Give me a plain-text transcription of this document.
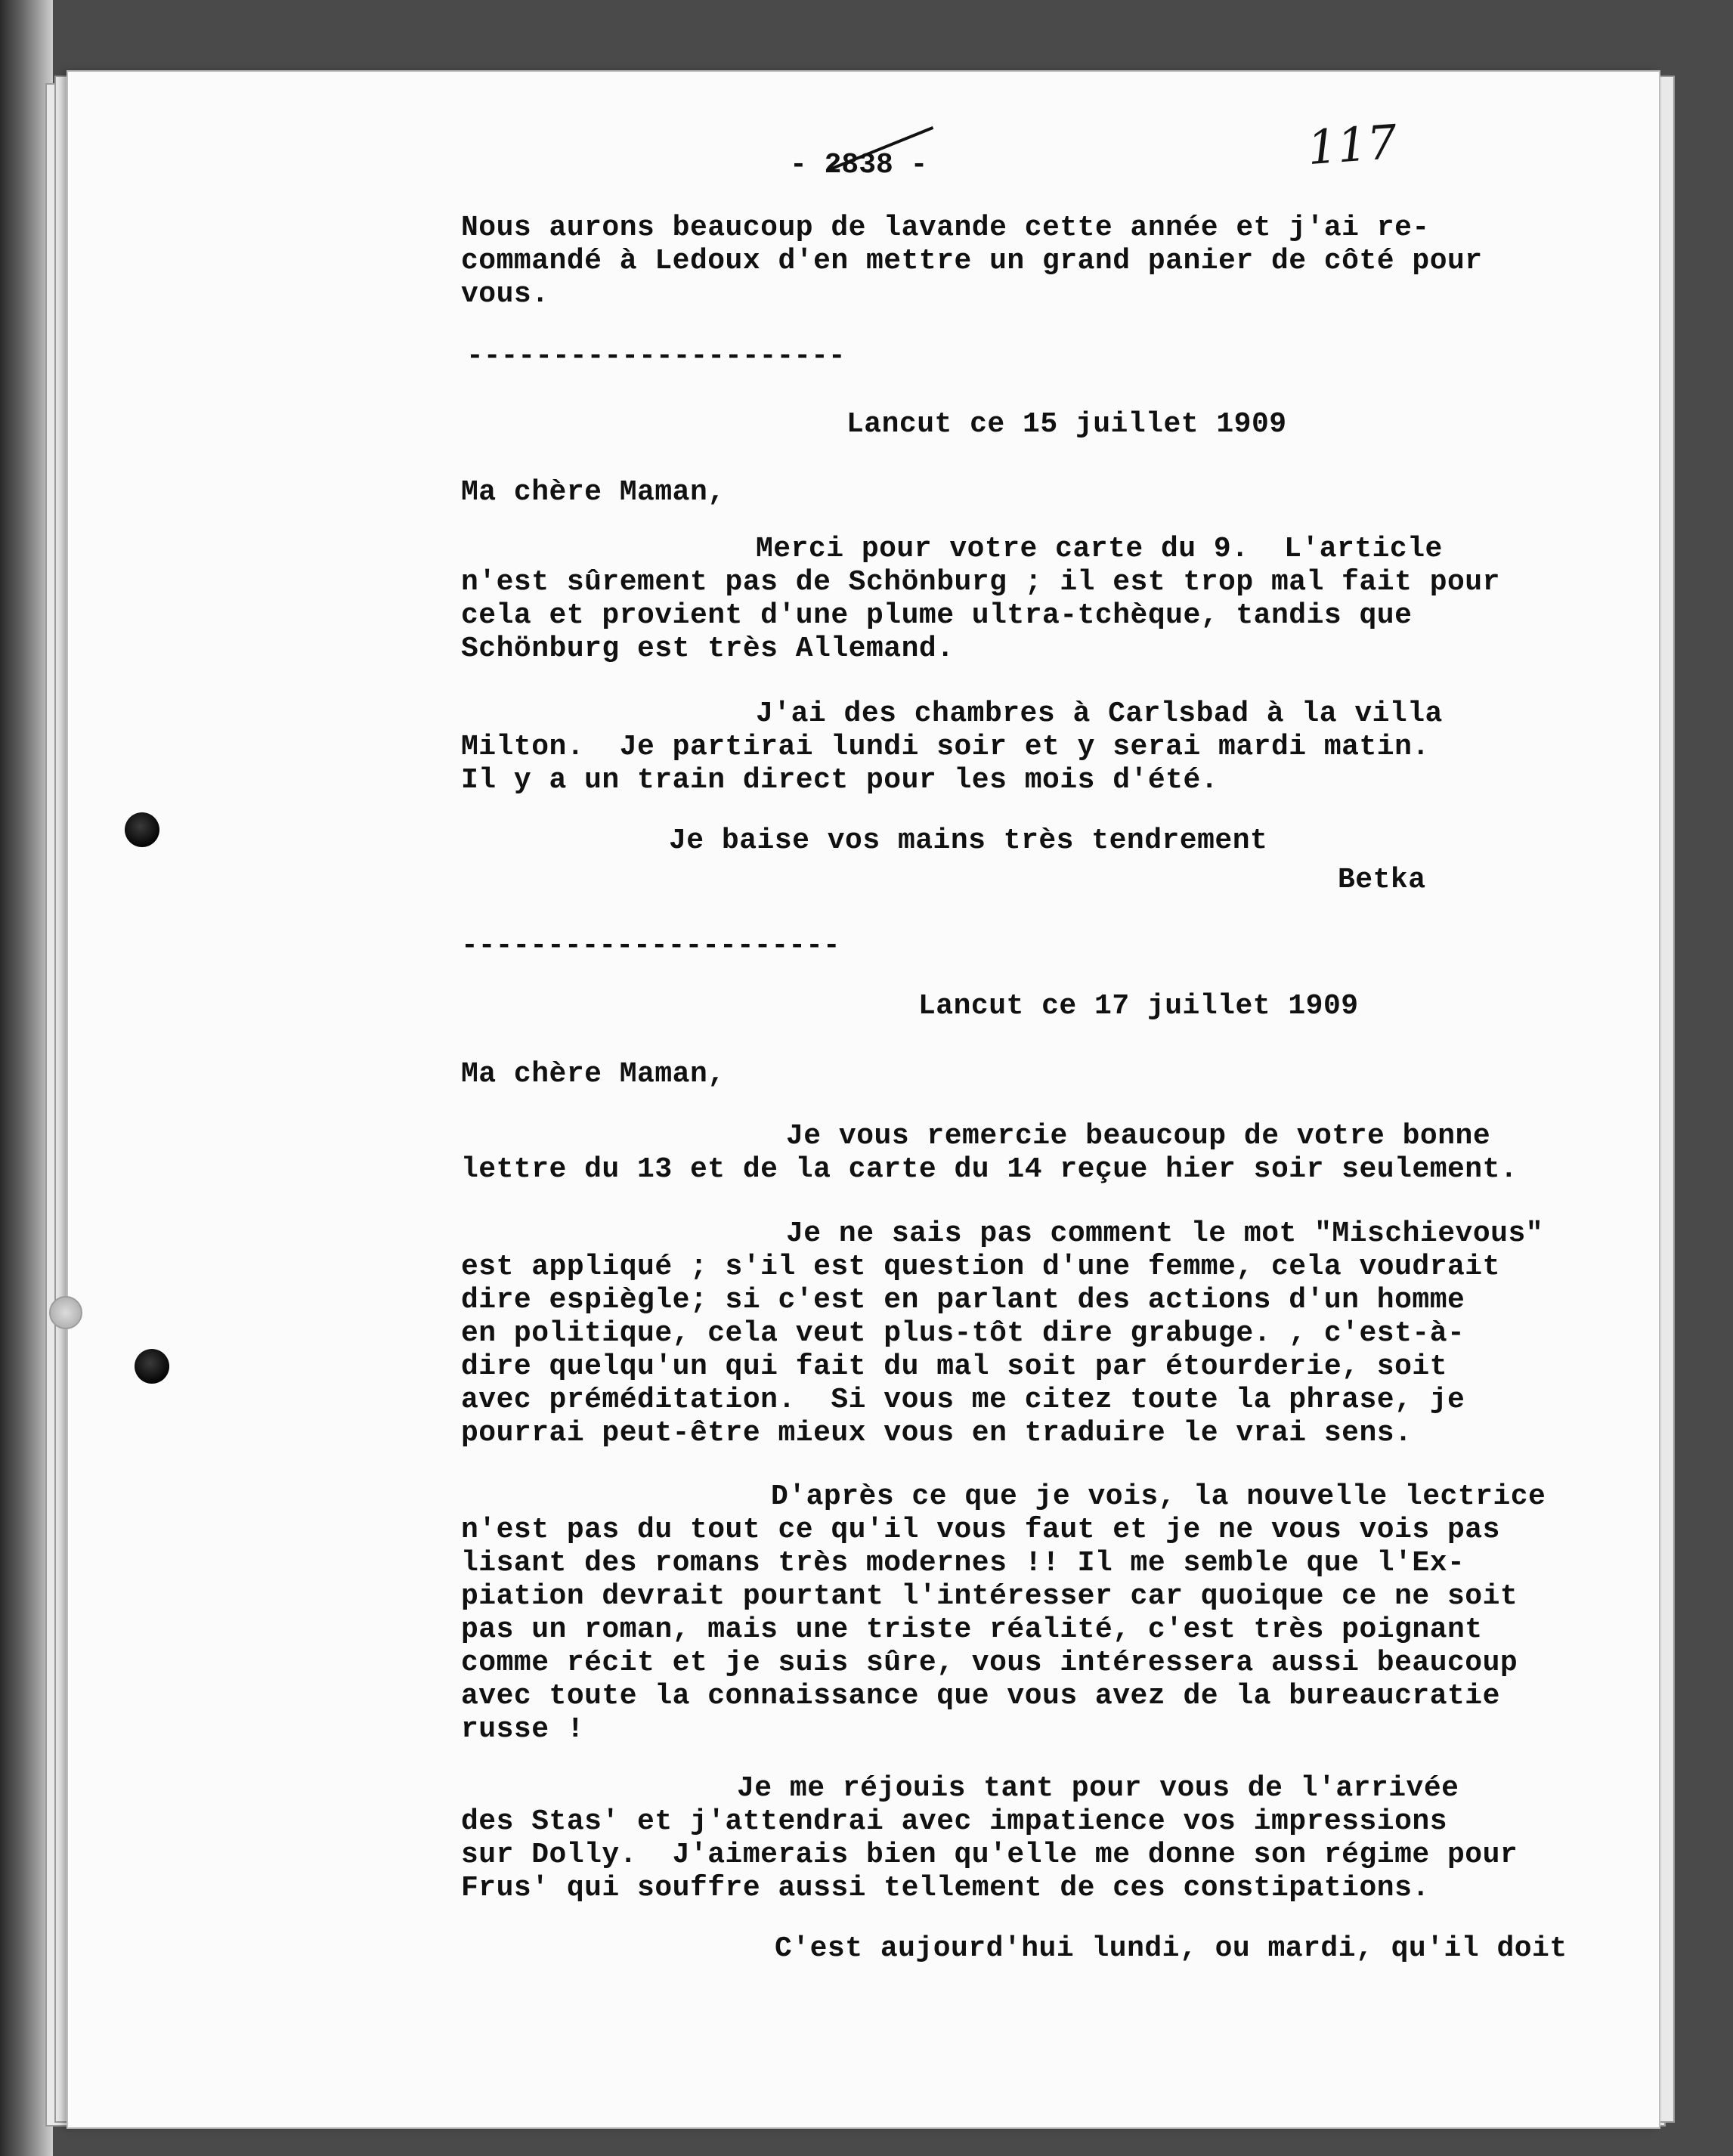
- 2838 -	117
Nous aurons beaucoup de lavande cette année et j'ai re-
commandé à Ledoux d'en mettre un grand panier de côté pour
vous.
----------------------
Lancut ce 15 juillet 1909
Ma chère Maman,
Merci pour votre carte du 9.  L'article
n'est sûrement pas de Schönburg ; il est trop mal fait pour
cela et provient d'une plume ultra-tchèque, tandis que
Schönburg est très Allemand.
J'ai des chambres à Carlsbad à la villa
Milton.  Je partirai lundi soir et y serai mardi matin.
Il y a un train direct pour les mois d'été.
Je baise vos mains très tendrement
Betka
----------------------
Lancut ce 17 juillet 1909
Ma chère Maman,
Je vous remercie beaucoup de votre bonne
lettre du 13 et de la carte du 14 reçue hier soir seulement.
Je ne sais pas comment le mot "Mischievous"
est appliqué ; s'il est question d'une femme, cela voudrait
dire espiègle; si c'est en parlant des actions d'un homme
en politique, cela veut plus-tôt dire grabuge. , c'est-à-
dire quelqu'un qui fait du mal soit par étourderie, soit
avec préméditation.  Si vous me citez toute la phrase, je
pourrai peut-être mieux vous en traduire le vrai sens.
D'après ce que je vois, la nouvelle lectrice
n'est pas du tout ce qu'il vous faut et je ne vous vois pas
lisant des romans très modernes !! Il me semble que l'Ex-
piation devrait pourtant l'intéresser car quoique ce ne soit
pas un roman, mais une triste réalité, c'est très poignant
comme récit et je suis sûre, vous intéressera aussi beaucoup
avec toute la connaissance que vous avez de la bureaucratie
russe !
Je me réjouis tant pour vous de l'arrivée
des Stas' et j'attendrai avec impatience vos impressions
sur Dolly.  J'aimerais bien qu'elle me donne son régime pour
Frus' qui souffre aussi tellement de ces constipations.
C'est aujourd'hui lundi, ou mardi, qu'il doit
